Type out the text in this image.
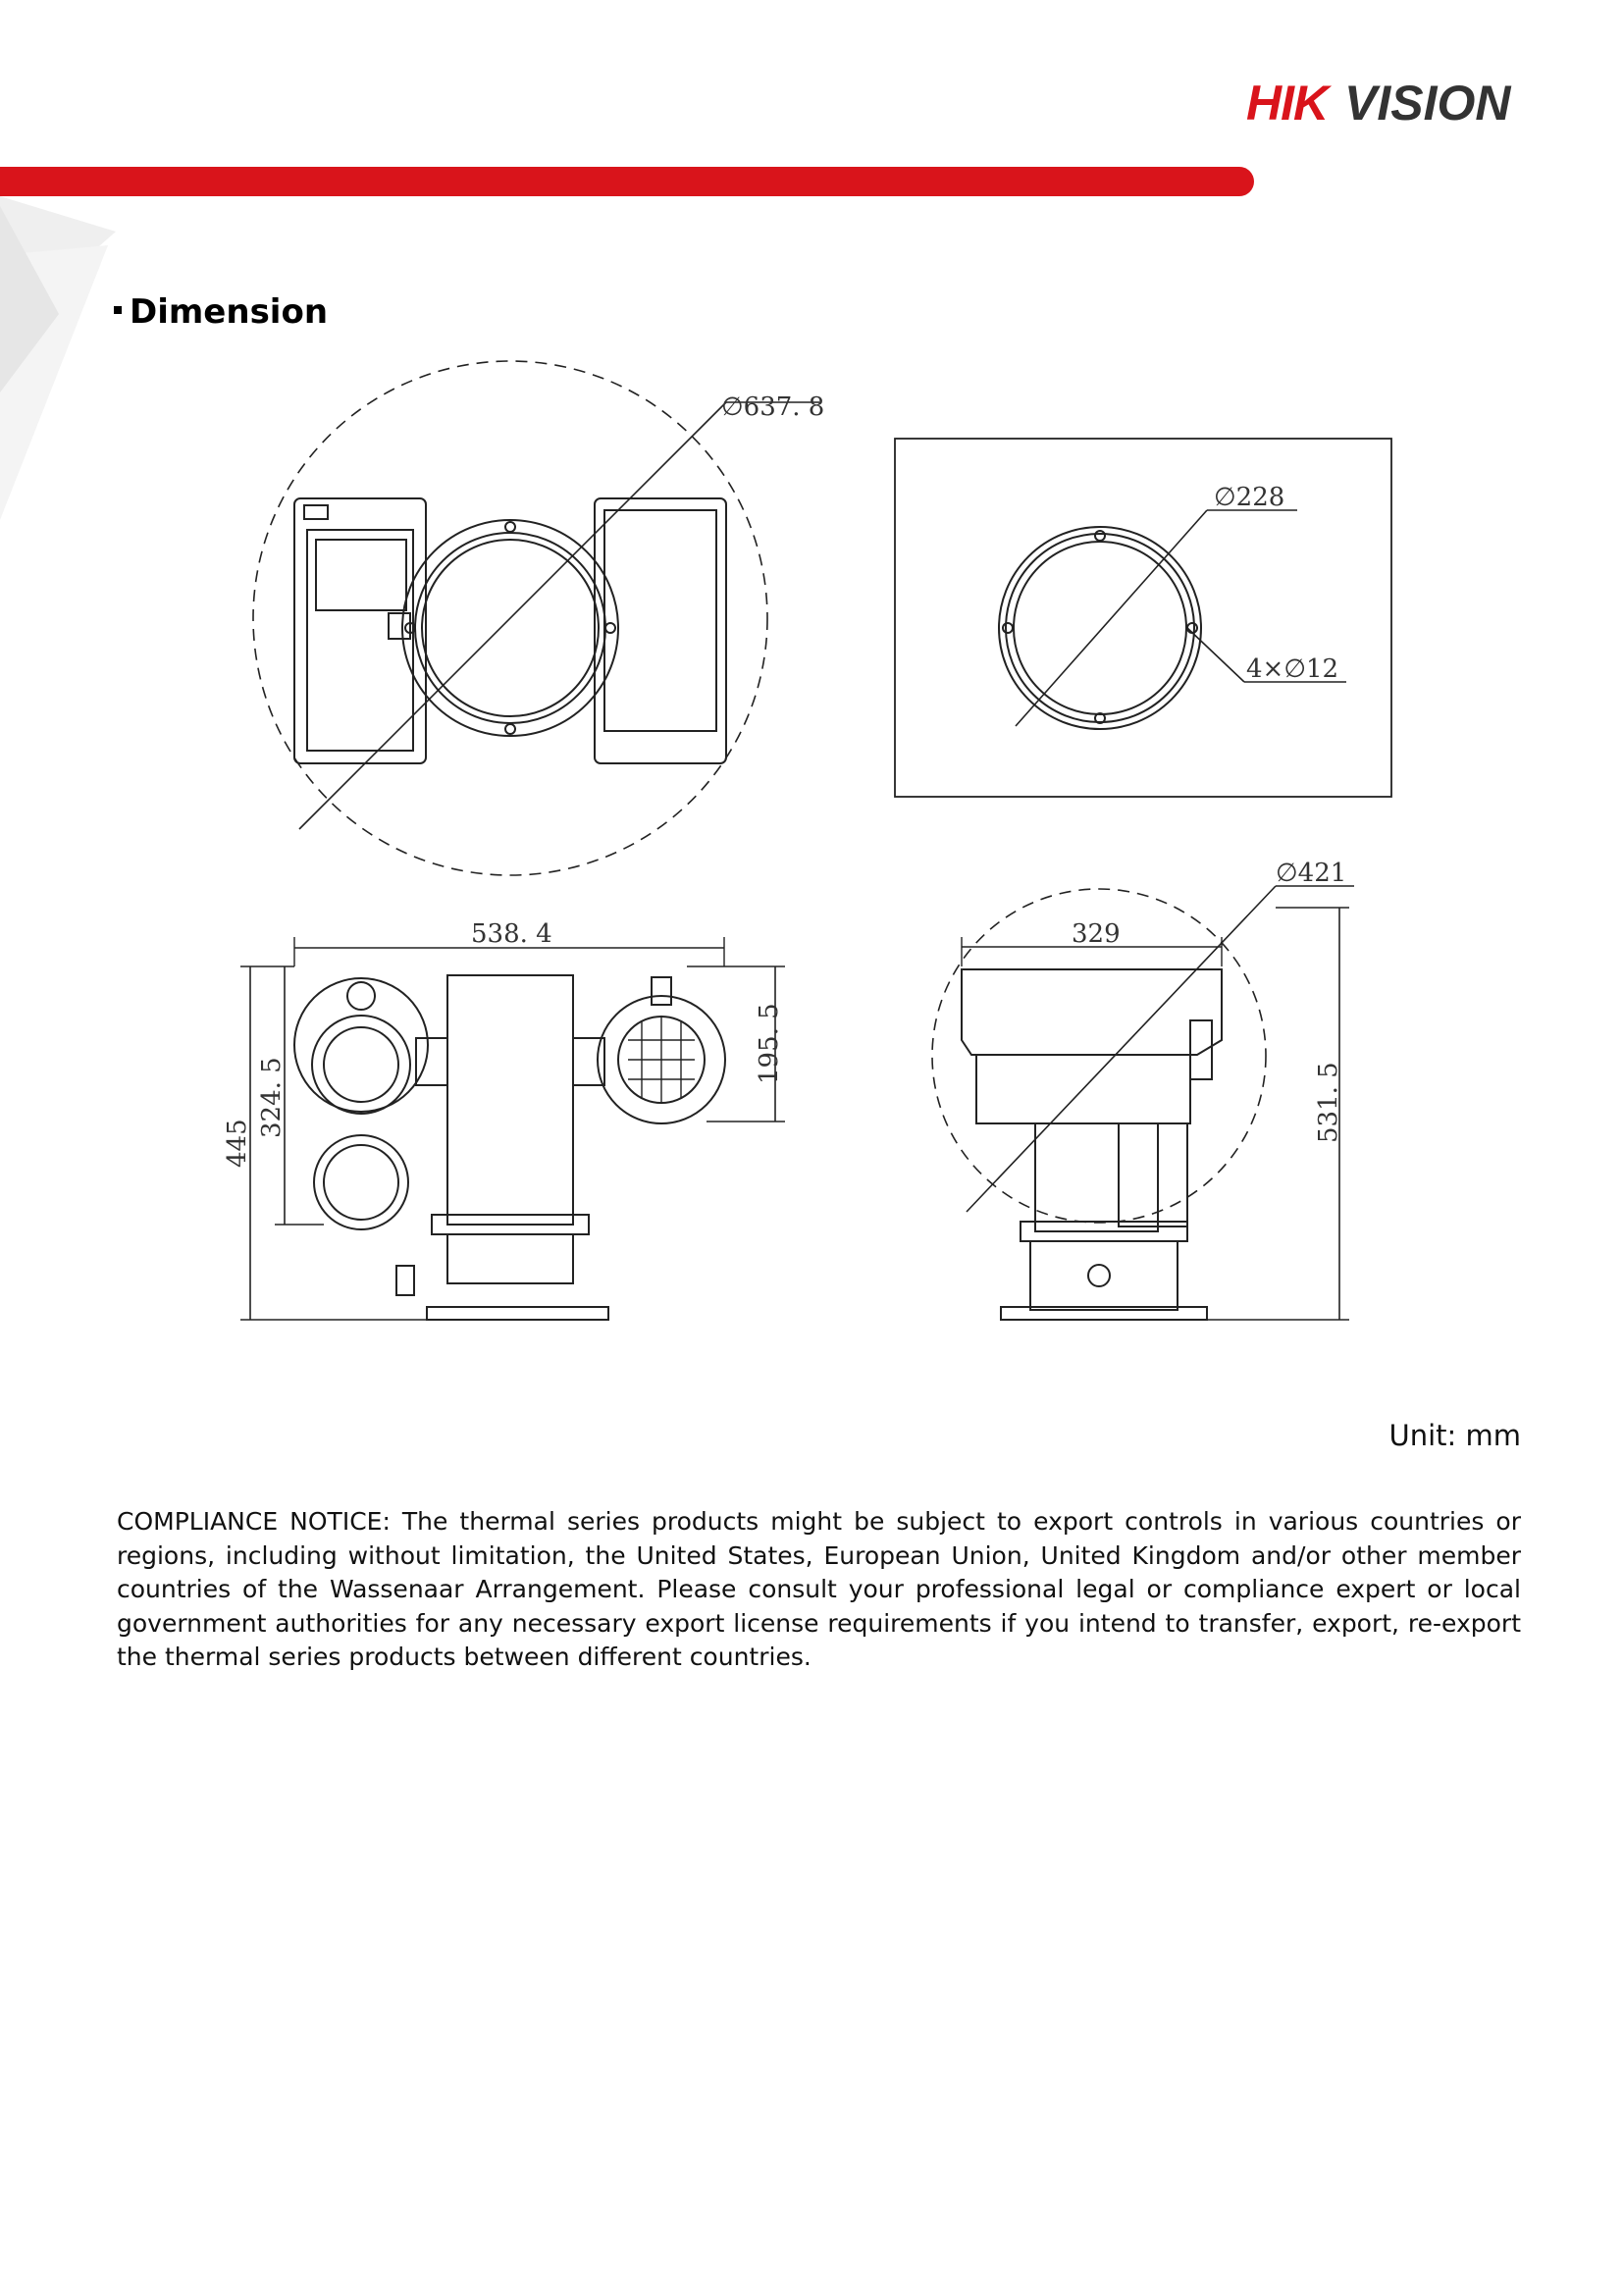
HIK VISION
Dimension
∅637. 8
∅228
4×∅12
538. 4
445
324. 5
195. 5
∅421
329
531. 5
Unit: mm
COMPLIANCE NOTICE: The thermal series products might be subject to export controls in various countries or regions, including without limitation, the United States, European Union, United Kingdom and/or other member countries of the Wassenaar Arrangement. Please consult your professional legal or compliance expert or local government authorities for any necessary export license requirements if you intend to transfer, export, re-export the thermal series products between different countries.
